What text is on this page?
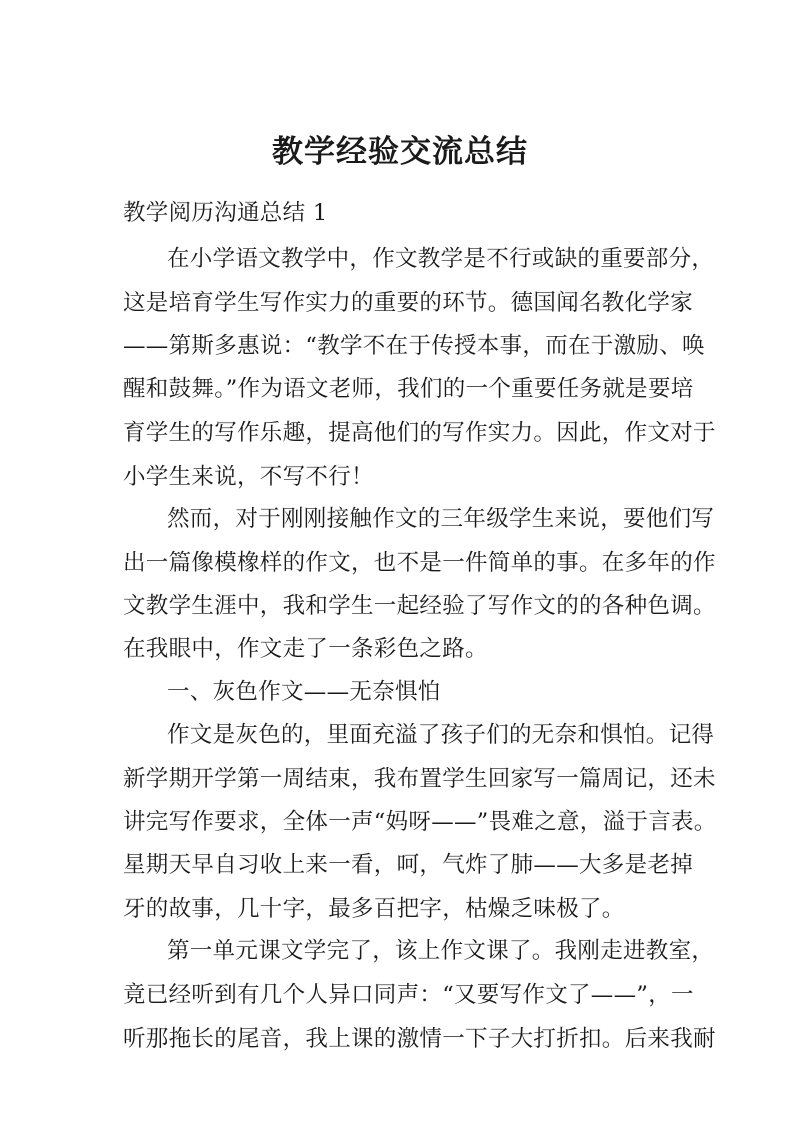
教学经验交流总结
教学阅历沟通总结 1
在小学语文教学中，作文教学是不行或缺的重要部分，
这是培育学生写作实力的重要的环节。德国闻名教化学家
——第斯多惠说：“教学不在于传授本事，而在于激励、唤
醒和鼓舞。”作为语文老师，我们的一个重要任务就是要培
育学生的写作乐趣，提高他们的写作实力。因此，作文对于
小学生来说，不写不行！
然而，对于刚刚接触作文的三年级学生来说，要他们写
出一篇像模橡样的作文，也不是一件简单的事。在多年的作
文教学生涯中，我和学生一起经验了写作文的的各种色调。
在我眼中，作文走了一条彩色之路。
一、灰色作文——无奈惧怕
作文是灰色的，里面充溢了孩子们的无奈和惧怕。记得
新学期开学第一周结束，我布置学生回家写一篇周记，还未
讲完写作要求，全体一声“妈呀——”畏难之意，溢于言表。
星期天早自习收上来一看，呵，气炸了肺——大多是老掉
牙的故事，几十字，最多百把字，枯燥乏味极了。
第一单元课文学完了，该上作文课了。我刚走进教室，
竟已经听到有几个人异口同声：“又要写作文了——”，一
听那拖长的尾音，我上课的激情一下子大打折扣。后来我耐
